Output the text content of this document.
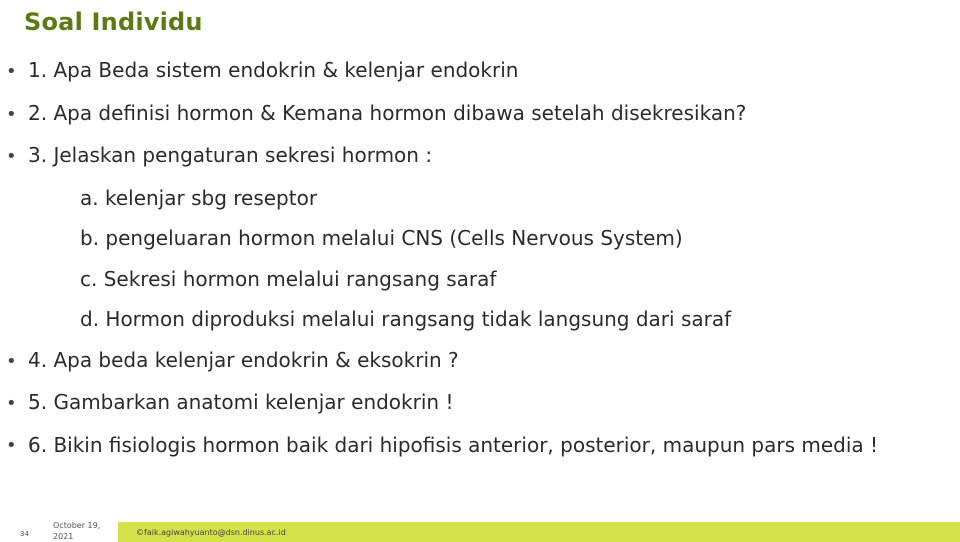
Soal Individu
• 1. Apa Beda sistem endokrin & kelenjar endokrin
• 2. Apa definisi hormon & Kemana hormon dibawa setelah disekresikan?
• 3. Jelaskan pengaturan sekresi hormon :
a. kelenjar sbg reseptor
b. pengeluaran hormon melalui CNS (Cells Nervous System)
c. Sekresi hormon melalui rangsang saraf
d. Hormon diproduksi melalui rangsang tidak langsung dari saraf
• 4. Apa beda kelenjar endokrin & eksokrin ?
• 5. Gambarkan anatomi kelenjar endokrin !
• 6. Bikin fisiologis hormon baik dari hipofisis anterior, posterior, maupun pars media !
34
October 19, 2021	©faik.agiwahyuanto@dsn.dinus.ac.id
